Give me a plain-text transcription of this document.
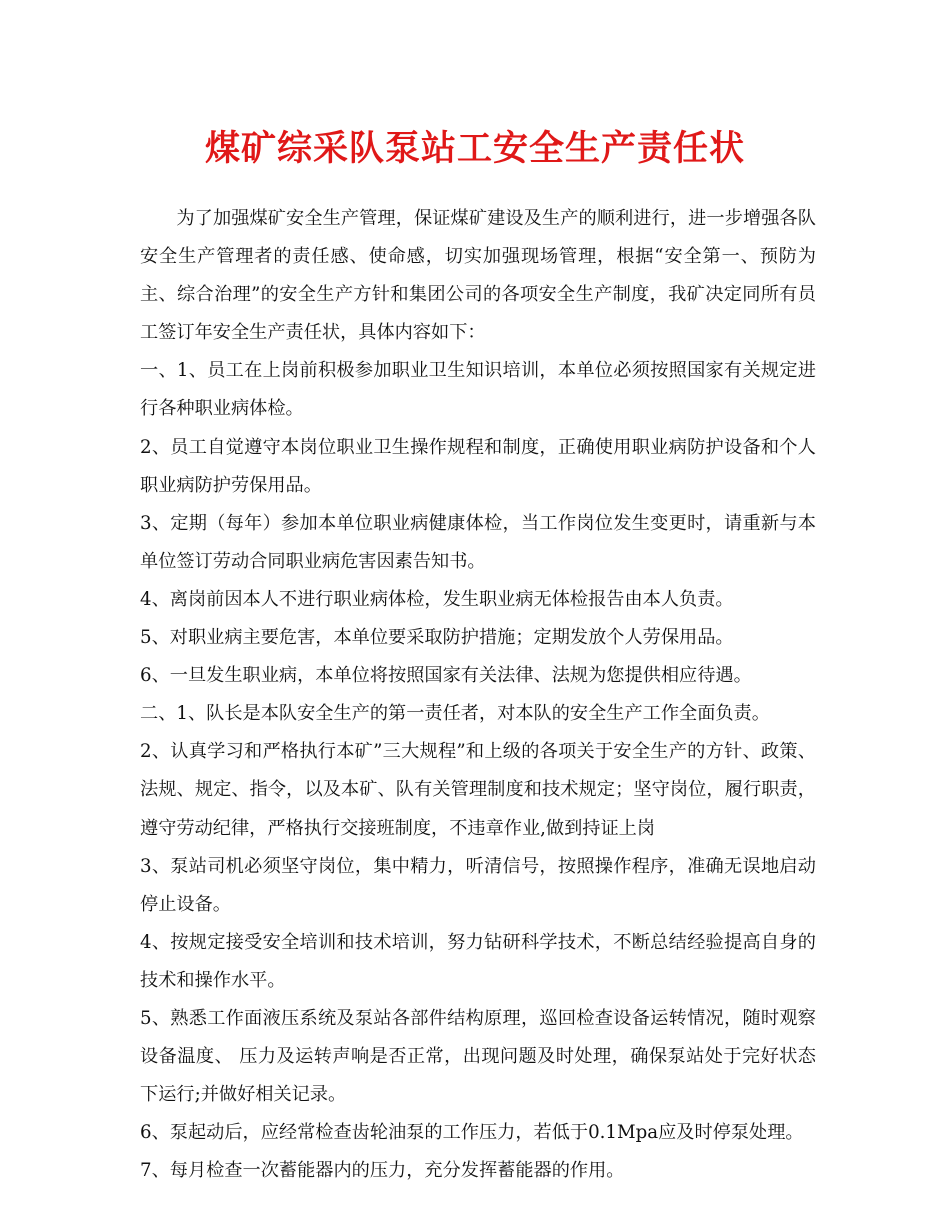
煤矿综采队泵站工安全生产责任状

为了加强煤矿安全生产管理，保证煤矿建设及生产的顺利进行，进一步增强各队安全生产管理者的责任感、使命感，切实加强现场管理，根据“安全第一、预防为主、综合治理”的安全生产方针和集团公司的各项安全生产制度，我矿决定同所有员工签订年安全生产责任状，具体内容如下：

一、1、员工在上岗前积极参加职业卫生知识培训，本单位必须按照国家有关规定进行各种职业病体检。

2、员工自觉遵守本岗位职业卫生操作规程和制度，正确使用职业病防护设备和个人职业病防护劳保用品。

3、定期（每年）参加本单位职业病健康体检，当工作岗位发生变更时，请重新与本单位签订劳动合同职业病危害因素告知书。

4、离岗前因本人不进行职业病体检，发生职业病无体检报告由本人负责。

5、对职业病主要危害，本单位要采取防护措施；定期发放个人劳保用品。

6、一旦发生职业病，本单位将按照国家有关法律、法规为您提供相应待遇。

二、1、队长是本队安全生产的第一责任者，对本队的安全生产工作全面负责。

2、认真学习和严格执行本矿”三大规程”和上级的各项关于安全生产的方针、政策、法规、规定、指令，以及本矿、队有关管理制度和技术规定；坚守岗位，履行职责，遵守劳动纪律，严格执行交接班制度，不违章作业,做到持证上岗

3、泵站司机必须坚守岗位，集中精力，听清信号，按照操作程序，准确无误地启动停止设备。

4、按规定接受安全培训和技术培训，努力钻研科学技术，不断总结经验提高自身的技术和操作水平。

5、熟悉工作面液压系统及泵站各部件结构原理，巡回检查设备运转情况，随时观察设备温度、 压力及运转声响是否正常，出现问题及时处理，确保泵站处于完好状态下运行;并做好相关记录。

6、泵起动后，应经常检查齿轮油泵的工作压力，若低于0.1Mpa应及时停泵处理。

7、每月检查一次蓄能器内的压力，充分发挥蓄能器的作用。
